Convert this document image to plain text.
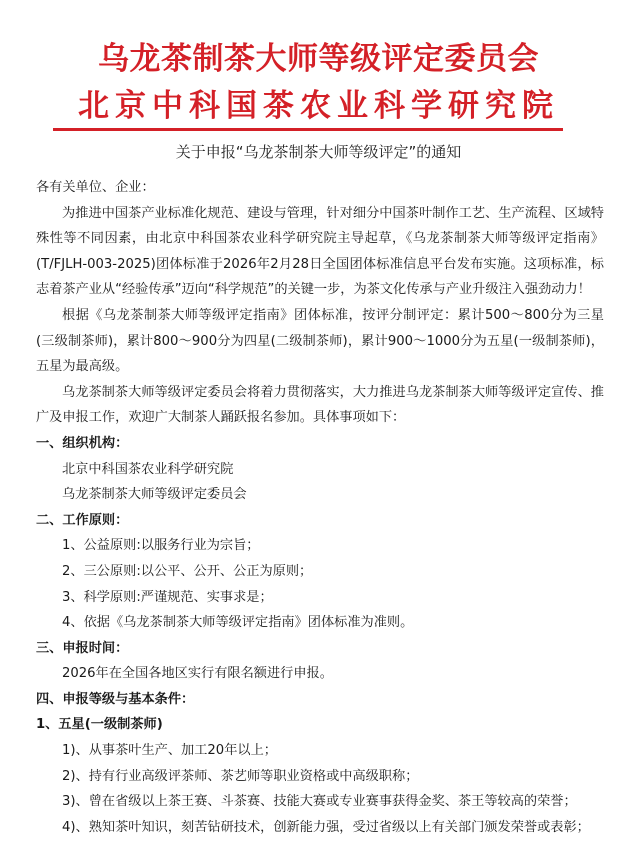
乌龙茶制茶大师等级评定委员会
北京中科国茶农业科学研究院
关于申报“乌龙茶制茶大师等级评定”的通知

各有关单位、企业：

为推进中国茶产业标准化规范、建设与管理，针对细分中国茶叶制作工艺、生产流程、区域特殊性等不同因素，由北京中科国茶农业科学研究院主导起草，《乌龙茶制茶大师等级评定指南》(T/FJLH-003-2025)团体标准于2026年2月28日全国团体标准信息平台发布实施。这项标准，标志着茶产业从“经验传承”迈向“科学规范”的关键一步，为茶文化传承与产业升级注入强劲动力！

根据《乌龙茶制茶大师等级评定指南》团体标准，按评分制评定：累计500～800分为三星(三级制茶师)，累计800～900分为四星(二级制茶师)，累计900～1000分为五星(一级制茶师)，五星为最高级。

乌龙茶制茶大师等级评定委员会将着力贯彻落实，大力推进乌龙茶制茶大师等级评定宣传、推广及申报工作，欢迎广大制茶人踊跃报名参加。具体事项如下：

一、组织机构：

北京中科国茶农业科学研究院

乌龙茶制茶大师等级评定委员会

二、工作原则：

1、公益原则:以服务行业为宗旨；

2、三公原则:以公平、公开、公正为原则；

3、科学原则:严谨规范、实事求是；

4、依据《乌龙茶制茶大师等级评定指南》团体标准为准则。

三、申报时间：

2026年在全国各地区实行有限名额进行申报。

四、申报等级与基本条件：

1、五星(一级制茶师)

1)、从事茶叶生产、加工20年以上；

2)、持有行业高级评茶师、茶艺师等职业资格或中高级职称；

3)、曾在省级以上茶王赛、斗茶赛、技能大赛或专业赛事获得金奖、茶王等较高的荣誉；

4)、熟知茶叶知识，刻苦钻研技术，创新能力强，受过省级以上有关部门颁发荣誉或表彰；
